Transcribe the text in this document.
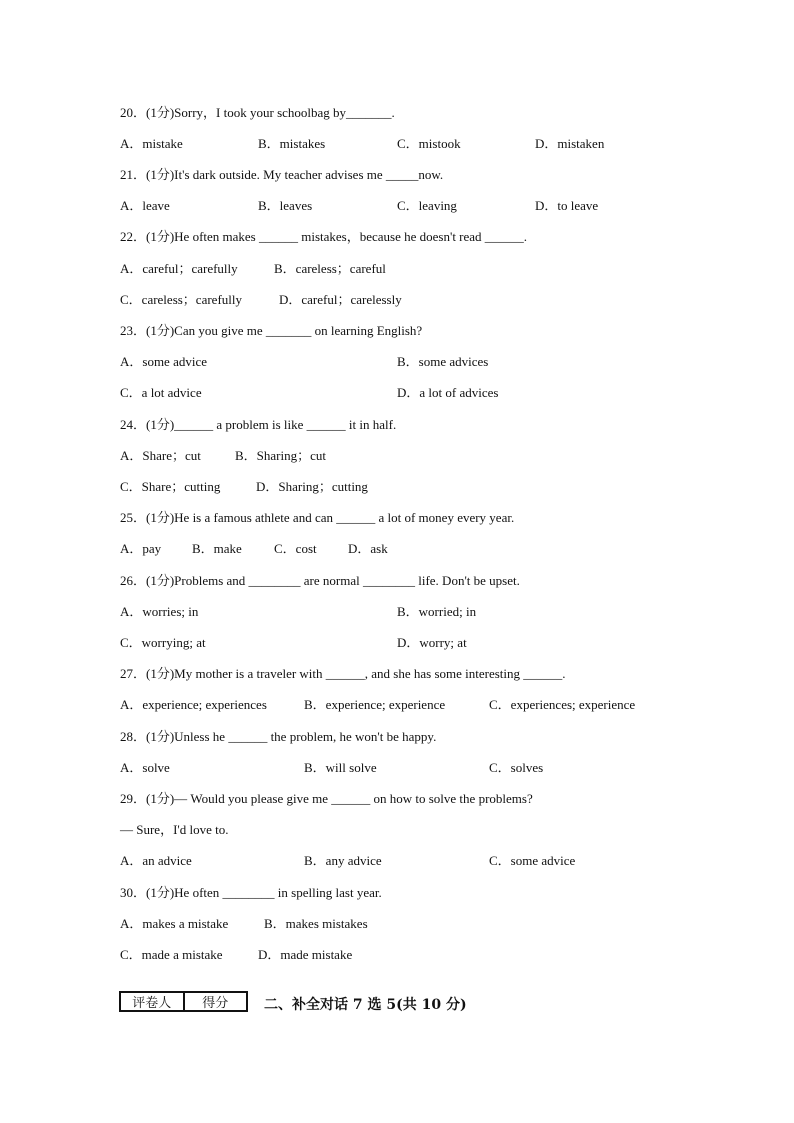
20．(1分)Sorry，I took your schoolbag by_______.
A．mistake	B．mistakes	C．mistook	D．mistaken
21．(1分)It's dark outside. My teacher advises me _____now.
A．leave	B．leaves	C．leaving	D．to leave
22．(1分)He often makes ______ mistakes，because he doesn't read ______.
A．careful；carefully	B．careless；careful
C．careless；carefully	D．careful；carelessly
23．(1分)Can you give me _______ on learning English?
A．some advice	B．some advices
C．a lot advice	D．a lot of advices
24．(1分)______ a problem is like ______ it in half.
A．Share；cut	B．Sharing；cut
C．Share；cutting	D．Sharing；cutting
25．(1分)He is a famous athlete and can ______ a lot of money every year.
A．pay B．make C．cost D．ask
26．(1分)Problems and ________ are normal ________ life. Don't be upset.
A．worries; in	B．worried; in
C．worrying; at	D．worry; at
27．(1分)My mother is a traveler with ______, and she has some interesting ______.
A．experience; experiences	B．experience; experience	C．experiences; experience
28．(1分)Unless he ______ the problem, he won't be happy.
A．solve	B．will solve	C．solves
29．(1分)— Would you please give me ______ on how to solve the problems?
— Sure，I'd love to.
A．an advice	B．any advice	C．some advice
30．(1分)He often ________ in spelling last year.
A．makes a mistake	B．makes mistakes
C．made a mistake	D．made mistake
评卷人	得分	二、补全对话 7 选 5(共 10 分)
